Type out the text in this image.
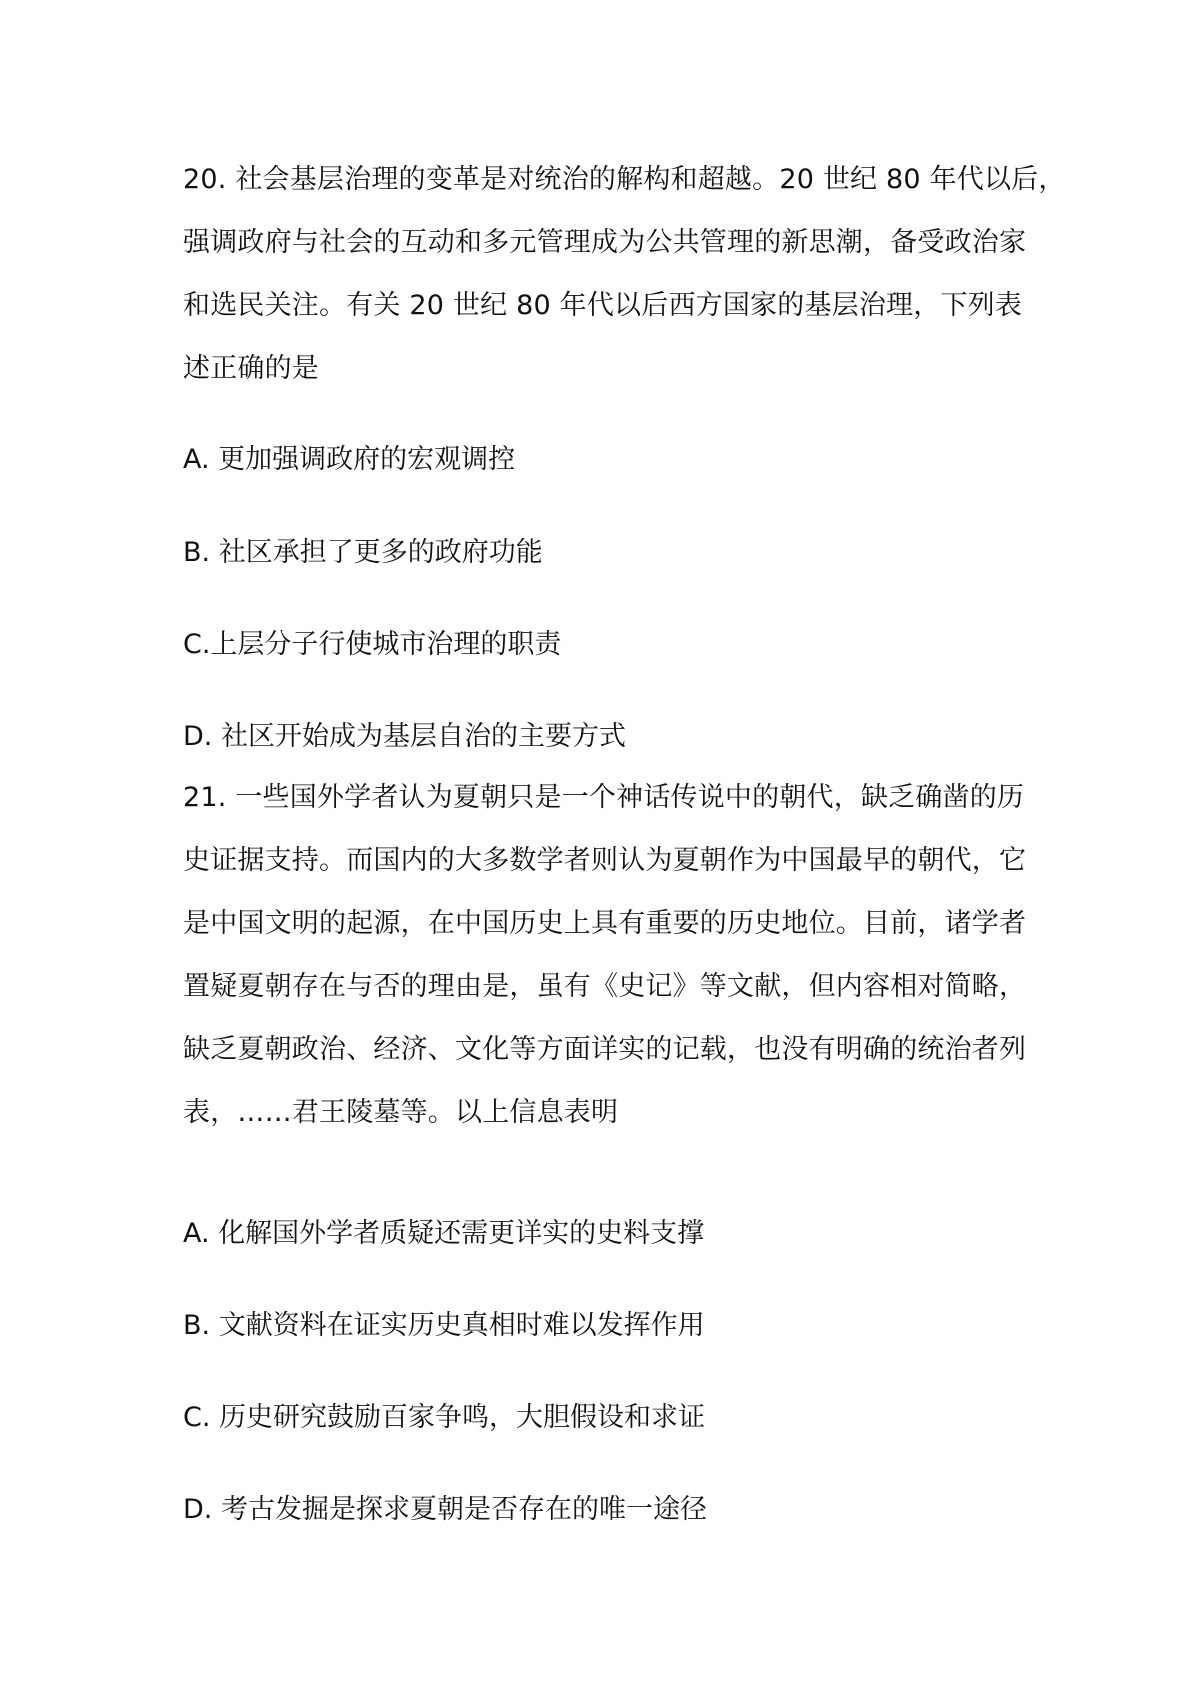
20. 社会基层治理的变革是对统治的解构和超越。20 世纪 80 年代以后，
强调政府与社会的互动和多元管理成为公共管理的新思潮，备受政治家
和选民关注。有关 20 世纪 80 年代以后西方国家的基层治理，下列表
述正确的是

A. 更加强调政府的宏观调控

B. 社区承担了更多的政府功能

C.上层分子行使城市治理的职责

D. 社区开始成为基层自治的主要方式

21. 一些国外学者认为夏朝只是一个神话传说中的朝代，缺乏确凿的历
史证据支持。而国内的大多数学者则认为夏朝作为中国最早的朝代，它
是中国文明的起源，在中国历史上具有重要的历史地位。目前，诸学者
置疑夏朝存在与否的理由是，虽有《史记》等文献，但内容相对简略，
缺乏夏朝政治、经济、文化等方面详实的记载，也没有明确的统治者列
表，……君王陵墓等。以上信息表明

A. 化解国外学者质疑还需更详实的史料支撑

B. 文献资料在证实历史真相时难以发挥作用

C. 历史研究鼓励百家争鸣，大胆假设和求证

D. 考古发掘是探求夏朝是否存在的唯一途径
